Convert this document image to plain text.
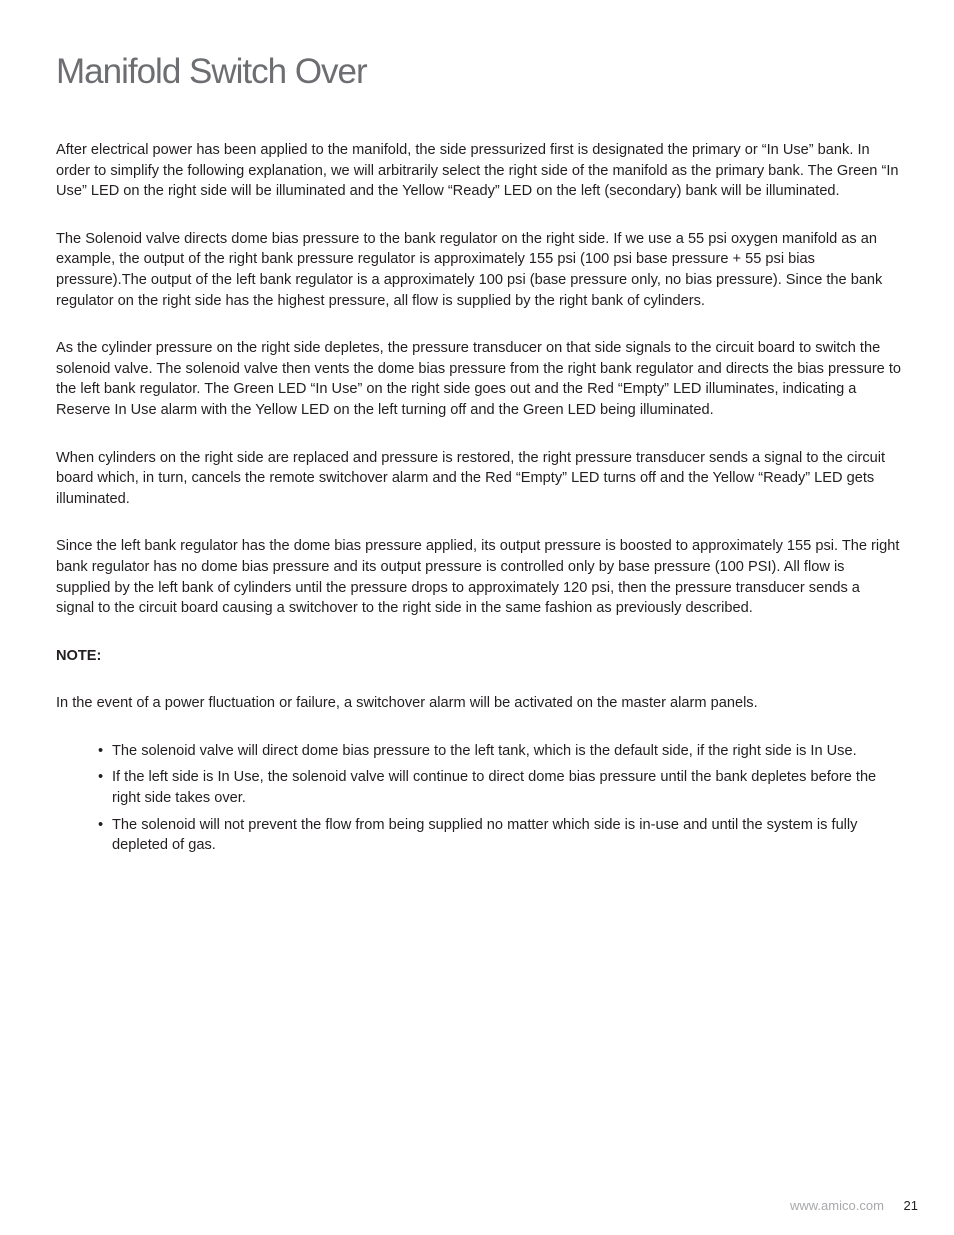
Manifold Switch Over

After electrical power has been applied to the manifold, the side pressurized first is designated the primary or “In Use” bank. In order to simplify the following explanation, we will arbitrarily select the right side of the manifold as the primary bank. The Green “In Use” LED on the right side will be illuminated and the Yellow “Ready” LED on the left (secondary) bank will be illuminated.

The Solenoid valve directs dome bias pressure to the bank regulator on the right side. If we use a 55 psi oxygen manifold as an example, the output of the right bank pressure regulator is approximately 155 psi (100 psi base pressure + 55 psi bias pressure).The output of the left bank regulator is a approximately 100 psi (base pressure only, no bias pressure). Since the bank regulator on the right side has the highest pressure, all flow is supplied by the right bank of cylinders.

As the cylinder pressure on the right side depletes, the pressure transducer on that side signals to the circuit board to switch the solenoid valve. The solenoid valve then vents the dome bias pressure from the right bank regulator and directs the bias pressure to the left bank regulator. The Green LED “In Use” on the right side goes out and the Red “Empty” LED illuminates, indicating a Reserve In Use alarm with the Yellow LED on the left turning off and the Green LED being illuminated.

When cylinders on the right side are replaced and pressure is restored, the right pressure transducer sends a signal to the circuit board which, in turn, cancels the remote switchover alarm and the Red “Empty” LED turns off and the Yellow “Ready” LED gets illuminated.

Since the left bank regulator has the dome bias pressure applied, its output pressure is boosted to approximately 155 psi. The right bank regulator has no dome bias pressure and its output pressure is controlled only by base pressure (100 PSI). All flow is supplied by the left bank of cylinders until the pressure drops to approximately 120 psi, then the pressure transducer sends a signal to the circuit board causing a switchover to the right side in the same fashion as previously described.

NOTE:

In the event of a power fluctuation or failure, a switchover alarm will be activated on the master alarm panels.

• The solenoid valve will direct dome bias pressure to the left tank, which is the default side, if the right side is In Use.
• If the left side is In Use, the solenoid valve will continue to direct dome bias pressure until the bank depletes before the right side takes over.
• The solenoid will not prevent the flow from being supplied no matter which side is in-use and until the system is fully depleted of gas.
www.amico.com 21
